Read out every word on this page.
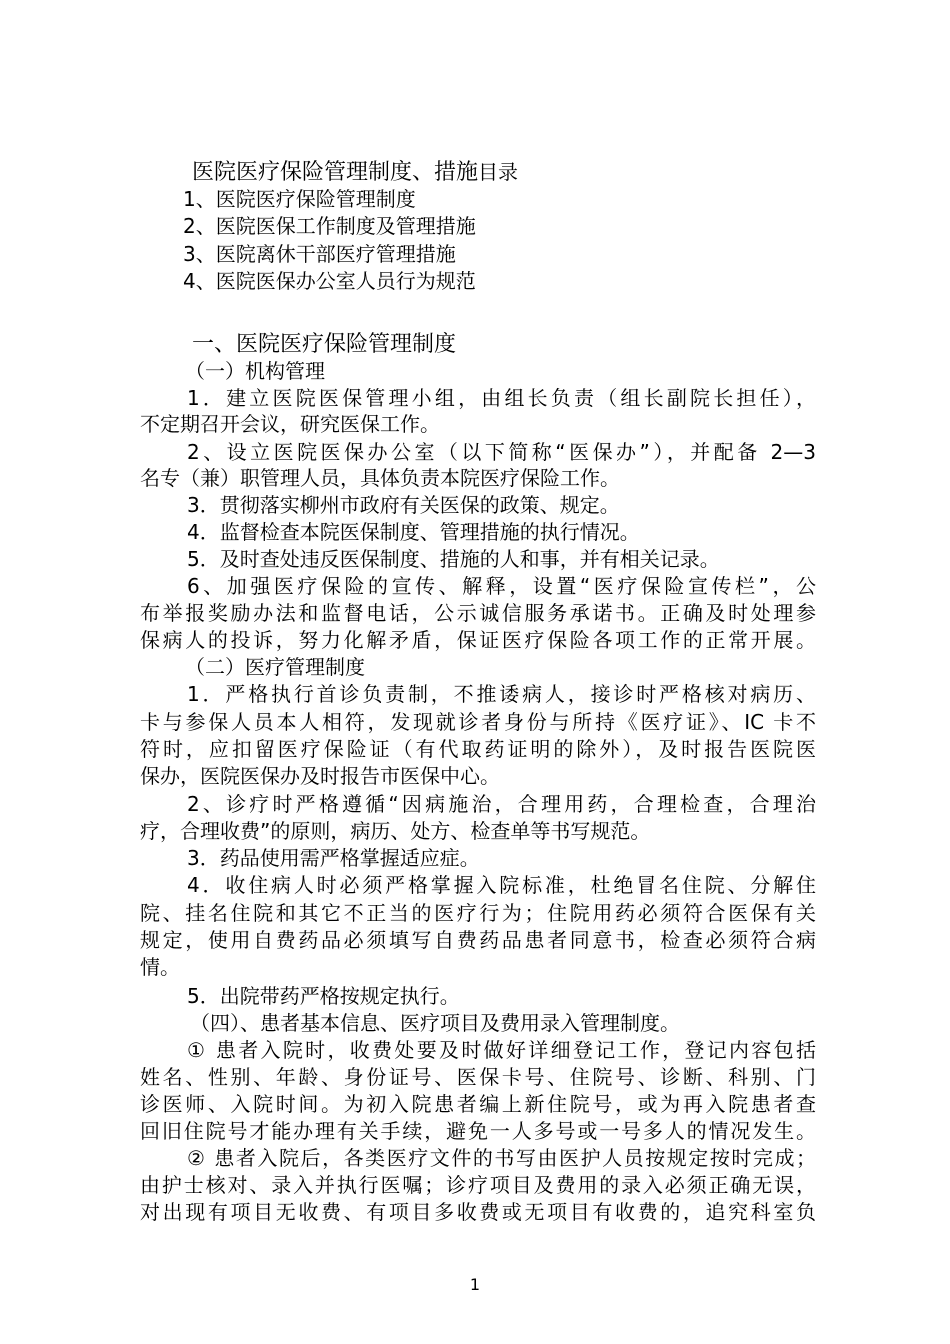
医院医疗保险管理制度、措施目录
1、医院医疗保险管理制度
2、医院医保工作制度及管理措施
3、医院离休干部医疗管理措施
4、医院医保办公室人员行为规范
一、医院医疗保险管理制度
（一）机构管理
1．建立医院医保管理小组，由组长负责（组长副院长担任），
不定期召开会议，研究医保工作。
2、设立医院医保办公室（以下简称“医保办”），并配备 2—3
名专（兼）职管理人员，具体负责本院医疗保险工作。
3．贯彻落实柳州市政府有关医保的政策、规定。
4．监督检查本院医保制度、管理措施的执行情况。
5．及时查处违反医保制度、措施的人和事，并有相关记录。
6、加强医疗保险的宣传、解释，设置“医疗保险宣传栏”，公
布举报奖励办法和监督电话，公示诚信服务承诺书。正确及时处理参
保病人的投诉，努力化解矛盾，保证医疗保险各项工作的正常开展。
（二）医疗管理制度
1．严格执行首诊负责制，不推诿病人，接诊时严格核对病历、
卡与参保人员本人相符，发现就诊者身份与所持《医疗证》、IC 卡不
符时，应扣留医疗保险证（有代取药证明的除外），及时报告医院医
保办，医院医保办及时报告市医保中心。
2、诊疗时严格遵循“因病施治，合理用药，合理检查，合理治
疗，合理收费”的原则，病历、处方、检查单等书写规范。
3．药品使用需严格掌握适应症。
4．收住病人时必须严格掌握入院标准，杜绝冒名住院、分解住
院、挂名住院和其它不正当的医疗行为；住院用药必须符合医保有关
规定，使用自费药品必须填写自费药品患者同意书，检查必须符合病
情。
5．出院带药严格按规定执行。
（四）、患者基本信息、医疗项目及费用录入管理制度。
① 患者入院时，收费处要及时做好详细登记工作，登记内容包括
姓名、性别、年龄、身份证号、医保卡号、住院号、诊断、科别、门
诊医师、入院时间。为初入院患者编上新住院号，或为再入院患者查
回旧住院号才能办理有关手续，避免一人多号或一号多人的情况发生。
② 患者入院后，各类医疗文件的书写由医护人员按规定按时完成；
由护士核对、录入并执行医嘱；诊疗项目及费用的录入必须正确无误，
对出现有项目无收费、有项目多收费或无项目有收费的，追究科室负
1
